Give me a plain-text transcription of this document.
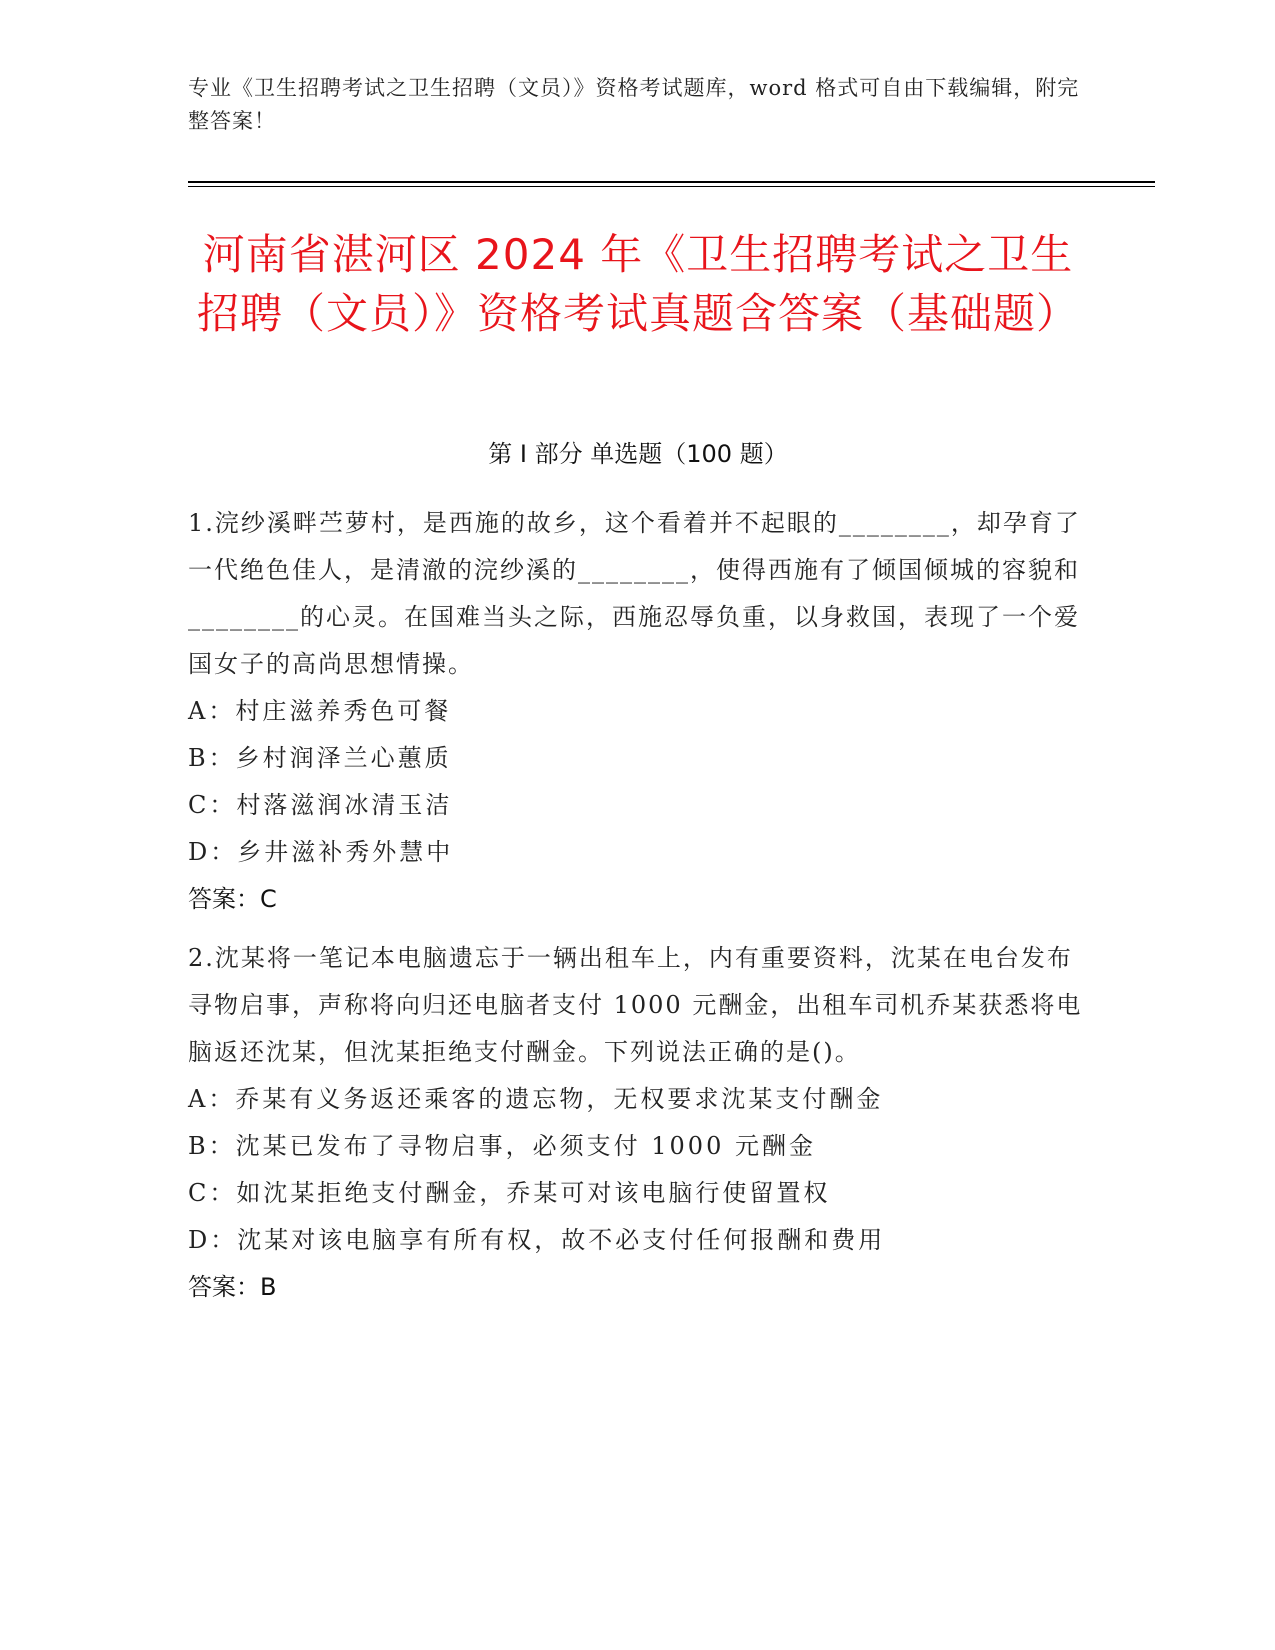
专业《卫生招聘考试之卫生招聘（文员）》资格考试题库，word 格式可自由下载编辑，附完整答案！
河南省湛河区 2024 年《卫生招聘考试之卫生招聘（文员）》资格考试真题含答案（基础题）
第 I 部分 单选题（100 题）
1.浣纱溪畔苎萝村，是西施的故乡，这个看着并不起眼的________，却孕育了一代绝色佳人，是清澈的浣纱溪的________，使得西施有了倾国倾城的容貌和________的心灵。在国难当头之际，西施忍辱负重，以身救国，表现了一个爱国女子的高尚思想情操。
A：村庄滋养秀色可餐
B：乡村润泽兰心蕙质
C：村落滋润冰清玉洁
D：乡井滋补秀外慧中
答案：C
2.沈某将一笔记本电脑遗忘于一辆出租车上，内有重要资料，沈某在电台发布寻物启事，声称将向归还电脑者支付 1000 元酬金，出租车司机乔某获悉将电脑返还沈某，但沈某拒绝支付酬金。下列说法正确的是()。
A：乔某有义务返还乘客的遗忘物，无权要求沈某支付酬金
B：沈某已发布了寻物启事，必须支付 1000 元酬金
C：如沈某拒绝支付酬金，乔某可对该电脑行使留置权
D：沈某对该电脑享有所有权，故不必支付任何报酬和费用
答案：B
